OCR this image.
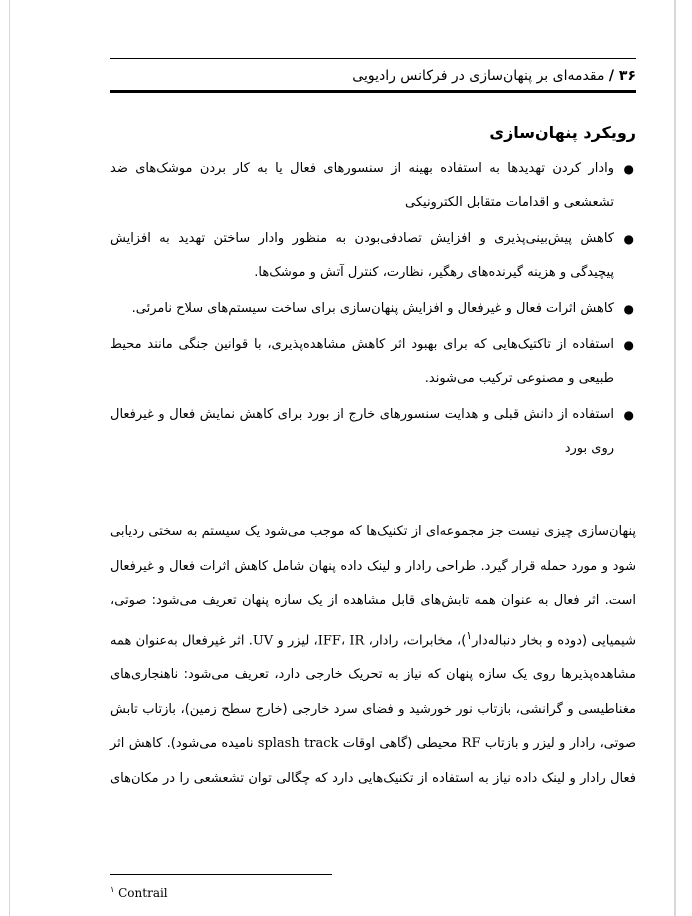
۳۶ / مقدمه‌ای بر پنهان‌سازی در فرکانس رادیویی
رویکرد پنهان‌سازی
●
وادار کردن تهدیدها به استفاده بهینه از سنسورهای فعال یا به کار بردن موشک‌های ضد تشعشعی و اقدامات متقابل الکترونیکی
●
کاهش پیش‌بینی‌پذیری و افزایش تصادفی‌بودن به منظور وادار ساختن تهدید به افزایش پیچیدگی و هزینه گیرنده‌های رهگیر، نظارت، کنترل آتش و موشک‌ها.
●
کاهش اثرات فعال و غیرفعال و افزایش پنهان‌سازی برای ساخت سیستم‌های سلاح نامرئی.
●
استفاده از تاکتیک‌هایی که برای بهبود اثر کاهش مشاهده‌پذیری، با قوانین جنگی مانند محیط طبیعی و مصنوعی ترکیب می‌شوند.
●
استفاده از دانش قبلی و هدایت سنسورهای خارج از بورد برای کاهش نمایش فعال و غیرفعال روی بورد

پنهان‌سازی چیزی نیست جز مجموعه‌ای از تکنیک‌ها که موجب می‌شود یک سیستم به سختی ردیابی شود و مورد حمله قرار گیرد. طراحی رادار و لینک داده پنهان شامل کاهش اثرات فعال و غیرفعال است. اثر فعال به عنوان همه تابش‌های قابل مشاهده از یک سازه پنهان تعریف می‌شود: صوتی، شیمیایی (دوده و بخار دنباله‌دار$^۱$)، مخابرات، رادار، IFF، IR، لیزر و UV. اثر غیرفعال به‌عنوان همه مشاهده‌پذیرها روی یک سازه پنهان که نیاز به تحریک خارجی دارد، تعریف می‌شود: ناهنجاری‌های مغناطیسی و گرانشی، بازتاب نور خورشید و فضای سرد خارجی (خارج سطح زمین)، بازتاب تابش صوتی، رادار و لیزر و بازتاب RF محیطی (گاهی اوقات splash track نامیده می‌شود). کاهش اثر فعال رادار و لینک داده نیاز به استفاده از تکنیک‌هایی دارد که چگالی توان تشعشعی را در مکان‌های

$^۱$ Contrail
